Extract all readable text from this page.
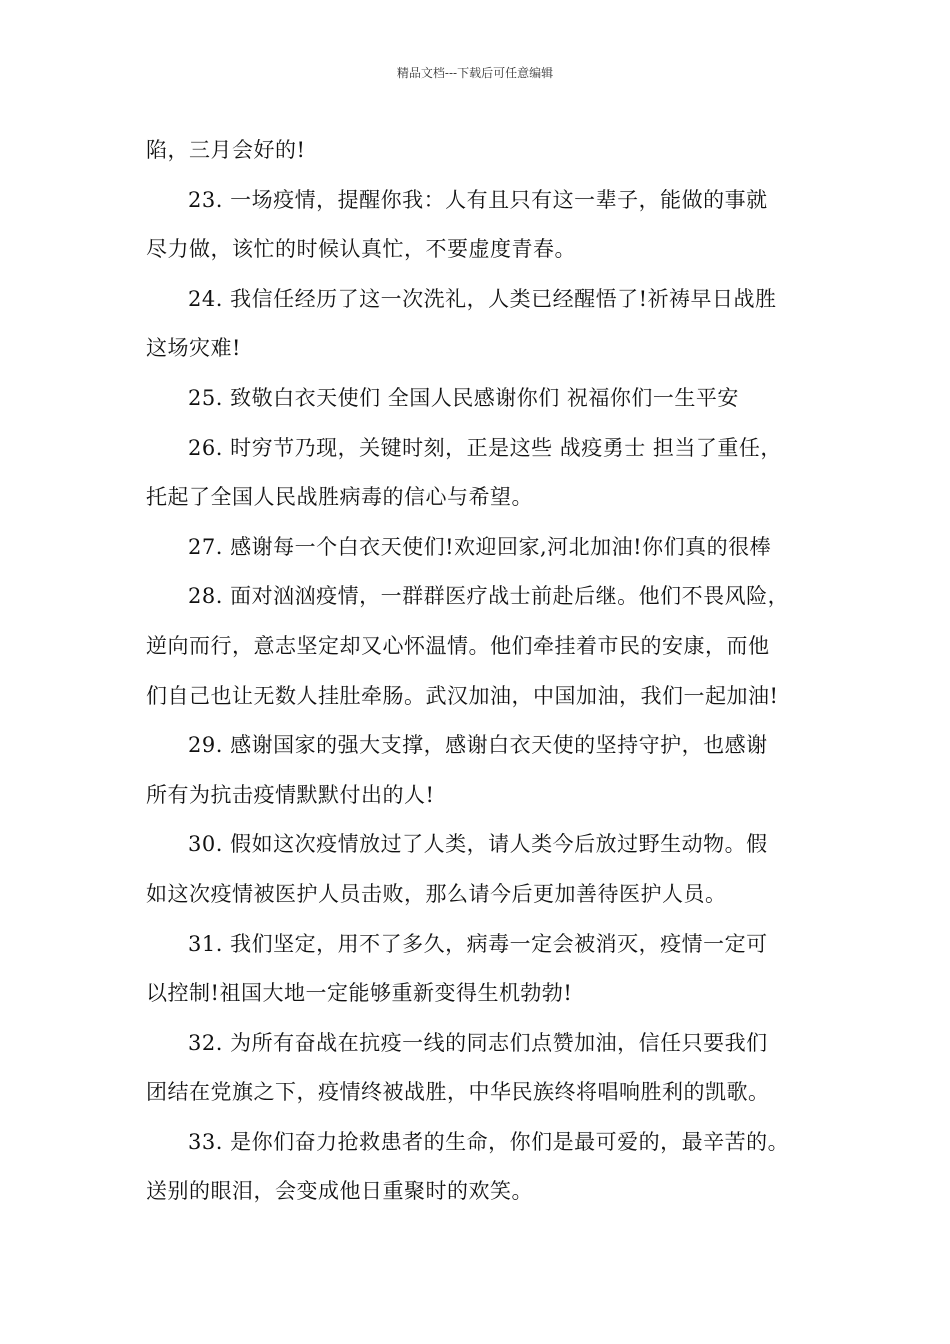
精品文档---下载后可任意编辑
陷，三月会好的!
23. 一场疫情，提醒你我：人有且只有这一辈子，能做的事就
尽力做，该忙的时候认真忙，不要虚度青春。
24. 我信任经历了这一次洗礼，人类已经醒悟了!祈祷早日战胜
这场灾难!
25. 致敬白衣天使们 全国人民感谢你们 祝福你们一生平安
26. 时穷节乃现，关键时刻，正是这些 战疫勇士 担当了重任，
托起了全国人民战胜病毒的信心与希望。
27. 感谢每一个白衣天使们!欢迎回家,河北加油!你们真的很棒
28. 面对汹汹疫情，一群群医疗战士前赴后继。他们不畏风险，
逆向而行，意志坚定却又心怀温情。他们牵挂着市民的安康，而他
们自己也让无数人挂肚牵肠。武汉加油，中国加油，我们一起加油!
29. 感谢国家的强大支撑，感谢白衣天使的坚持守护，也感谢
所有为抗击疫情默默付出的人!
30. 假如这次疫情放过了人类，请人类今后放过野生动物。假
如这次疫情被医护人员击败，那么请今后更加善待医护人员。
31. 我们坚定，用不了多久，病毒一定会被消灭，疫情一定可
以控制!祖国大地一定能够重新变得生机勃勃!
32. 为所有奋战在抗疫一线的同志们点赞加油，信任只要我们
团结在党旗之下，疫情终被战胜，中华民族终将唱响胜利的凯歌。
33. 是你们奋力抢救患者的生命，你们是最可爱的，最辛苦的。
送别的眼泪，会变成他日重聚时的欢笑。
